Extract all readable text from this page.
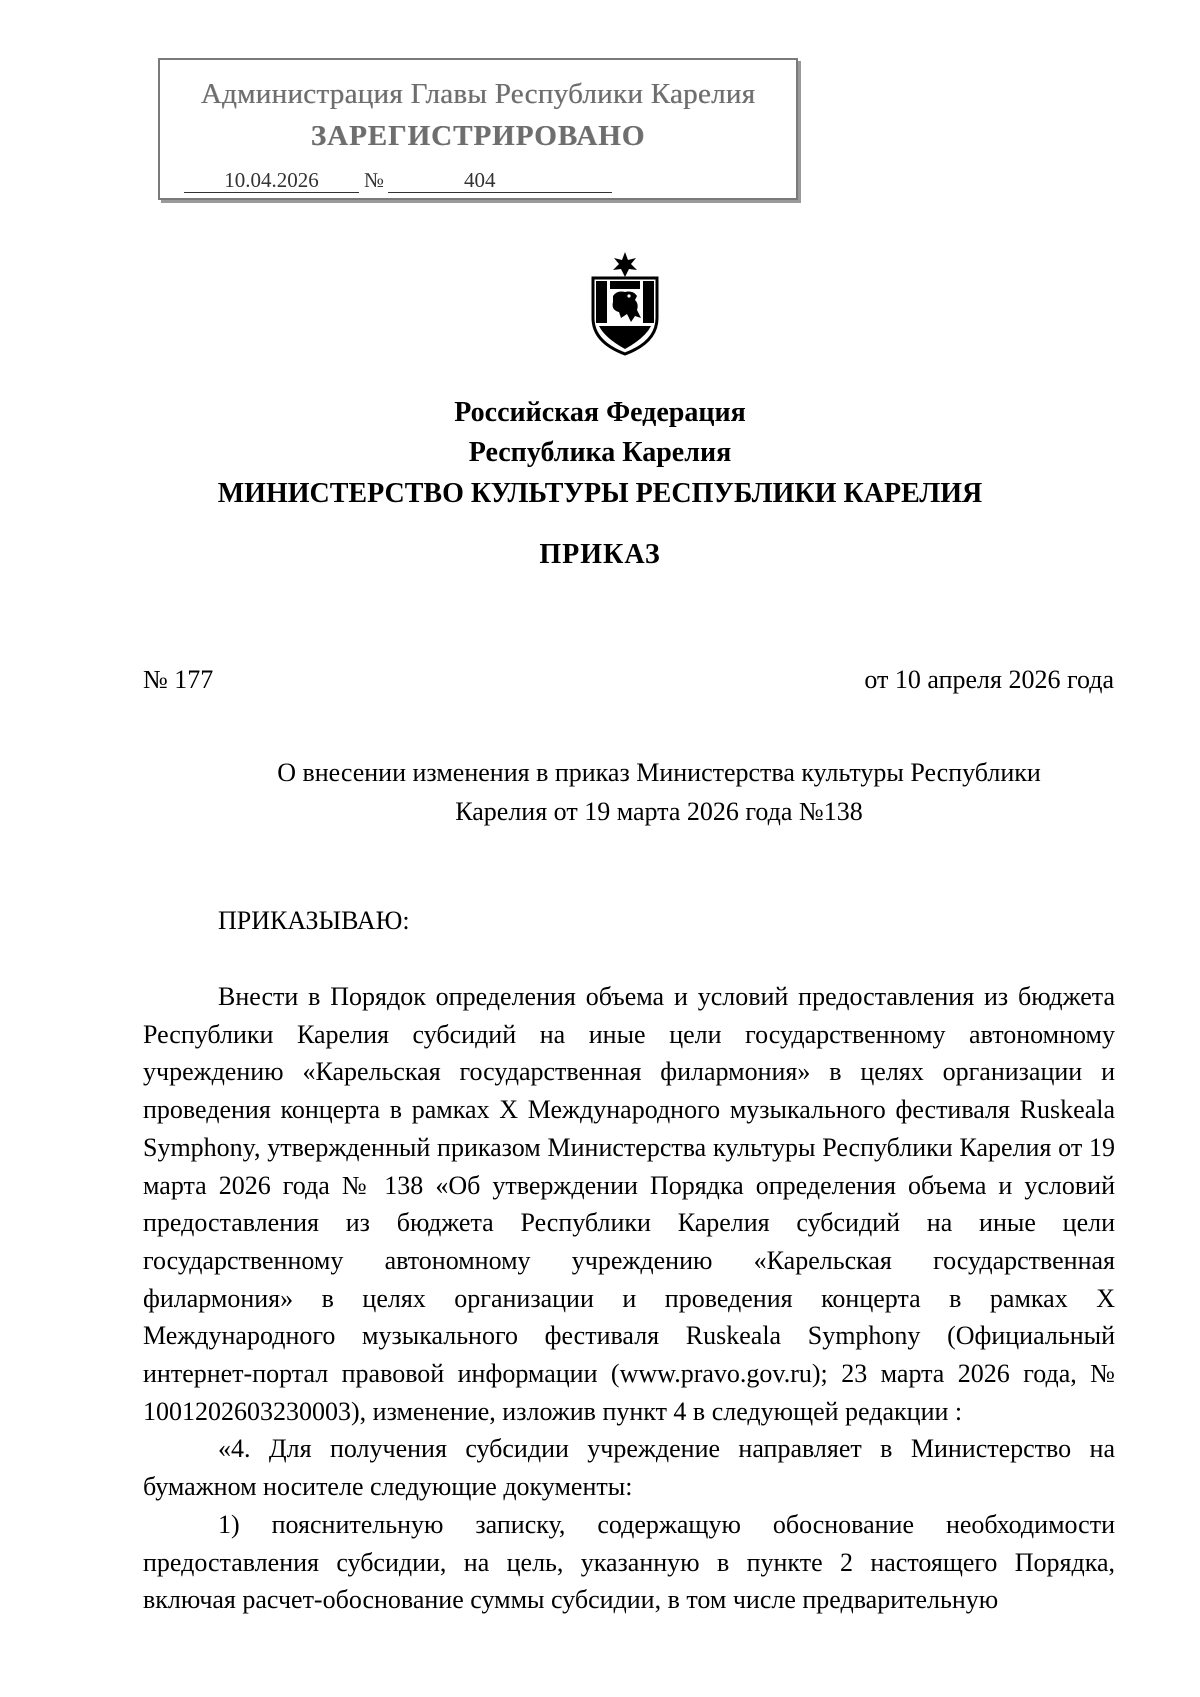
Администрация Главы Республики Карелия
ЗАРЕГИСТРИРОВАНО
10.04.2026	№	404
Российская Федерация
Республика Карелия
МИНИСТЕРСТВО КУЛЬТУРЫ РЕСПУБЛИКИ КАРЕЛИЯ
ПРИКАЗ
№ 177	от 10 апреля 2026 года
О внесении изменения в приказ Министерства культуры Республики
Карелия от 19 марта 2026 года №138
ПРИКАЗЫВАЮ:

Внести в Порядок определения объема и условий предоставления из бюджета Республики Карелия субсидий на иные цели государственному автономному учреждению «Карельская государственная филармония» в целях организации и проведения концерта в рамках X Международного музыкального фестиваля Ruskeala Symphony, утвержденный приказом Министерства культуры Республики Карелия от 19 марта 2026 года № 138 «Об утверждении Порядка определения объема и условий предоставления из бюджета Республики Карелия субсидий на иные цели государственному автономному учреждению «Карельская государственная филармония» в целях организации и проведения концерта в рамках X Международного музыкального фестиваля Ruskeala Symphony (Официальный интернет-портал правовой информации (www.pravo.gov.ru); 23 марта 2026 года, № 1001202603230003), изменение, изложив пункт 4 в следующей редакции :

«4. Для получения субсидии учреждение направляет в Министерство на бумажном носителе следующие документы:

1) пояснительную записку, содержащую обоснование необходимости предоставления субсидии, на цель, указанную в пункте 2 настоящего Порядка, включая расчет-обоснование суммы субсидии, в том числе предварительную
